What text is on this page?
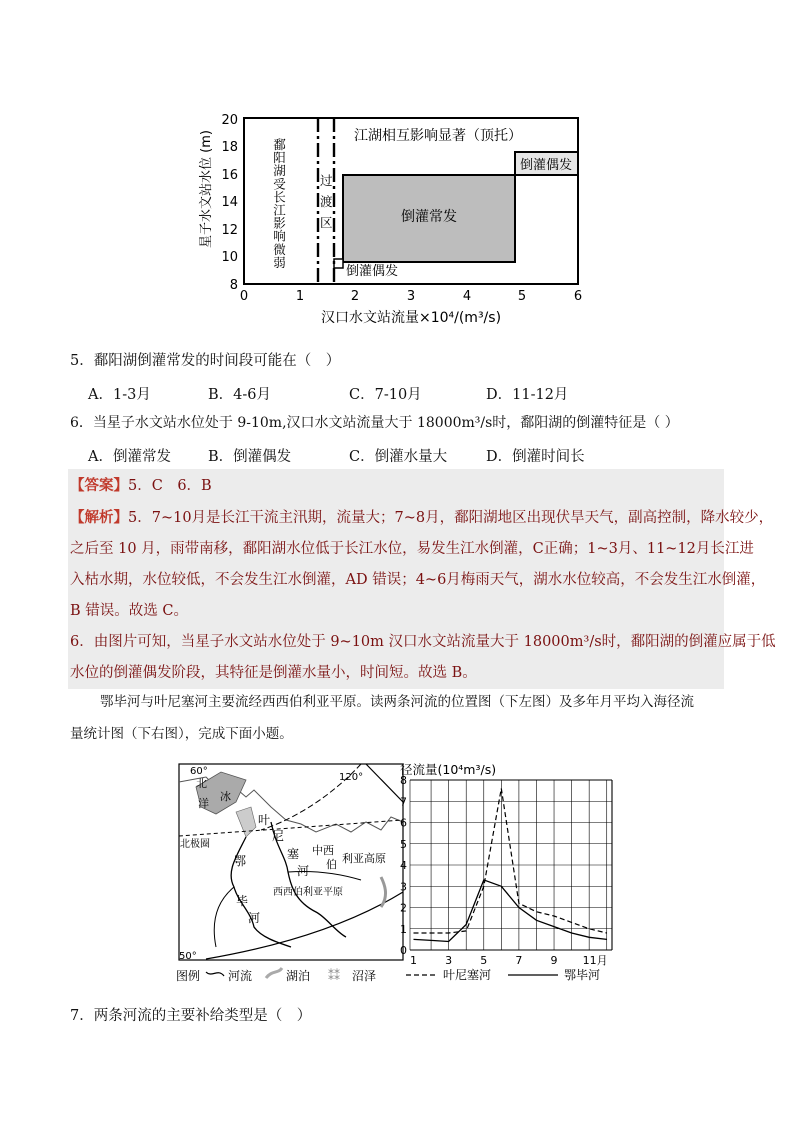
星子水文站水位 (m)
8
10
12
14
16
18
20
0	1	2	3	4	5	6
汉口水文站流量×10⁴/(m³/s)
鄱阳湖受长江影响微弱	过
渡
区
江湖相互影响显著（顶托）
倒灌常发
倒灌偶发
倒灌偶发
5．鄱阳湖倒灌常发的时间段可能在（　）
A．1-3月	B．4-6月	C．7-10月	D．11-12月
6．当星子水文站水位处于 9-10m,汉口水文站流量大于 18000m³/s时，鄱阳湖的倒灌特征是（ ）
A．倒灌常发	B．倒灌偶发	C．倒灌水量大	D．倒灌时间长
【答案】5．C　6．B
【解析】5．7~10月是长江干流主汛期，流量大；7~8月，鄱阳湖地区出现伏旱天气，副高控制，降水较少，
之后至 10 月，雨带南移，鄱阳湖水位低于长江水位，易发生江水倒灌，C正确；1~3月、11~12月长江进
入枯水期，水位较低，不会发生江水倒灌，AD 错误；4~6月梅雨天气，湖水水位较高，不会发生江水倒灌，
B 错误。故选 C。
6．由图片可知，当星子水文站水位处于 9~10m 汉口水文站流量大于 18000m³/s时，鄱阳湖的倒灌应属于低
水位的倒灌偶发阶段，其特征是倒灌水量小，时间短。故选 B。
鄂毕河与叶尼塞河主要流经西西伯利亚平原。读两条河流的位置图（下左图）及多年月平均入海径流
量统计图（下右图），完成下面小题。
60°
50°
120°
北极圈
北
冰
洋
叶
尼
塞
河
中西
伯 利亚高原
鄂
毕
河
西西伯利亚平原
图例 河流	湖泊 ⁑⁑ 沼泽
径流量(10⁴m³/s)
0
1
2
3
4
5
6
7
8
1	3	5	7	9 11月
叶尼塞河	鄂毕河
7．两条河流的主要补给类型是（　）
